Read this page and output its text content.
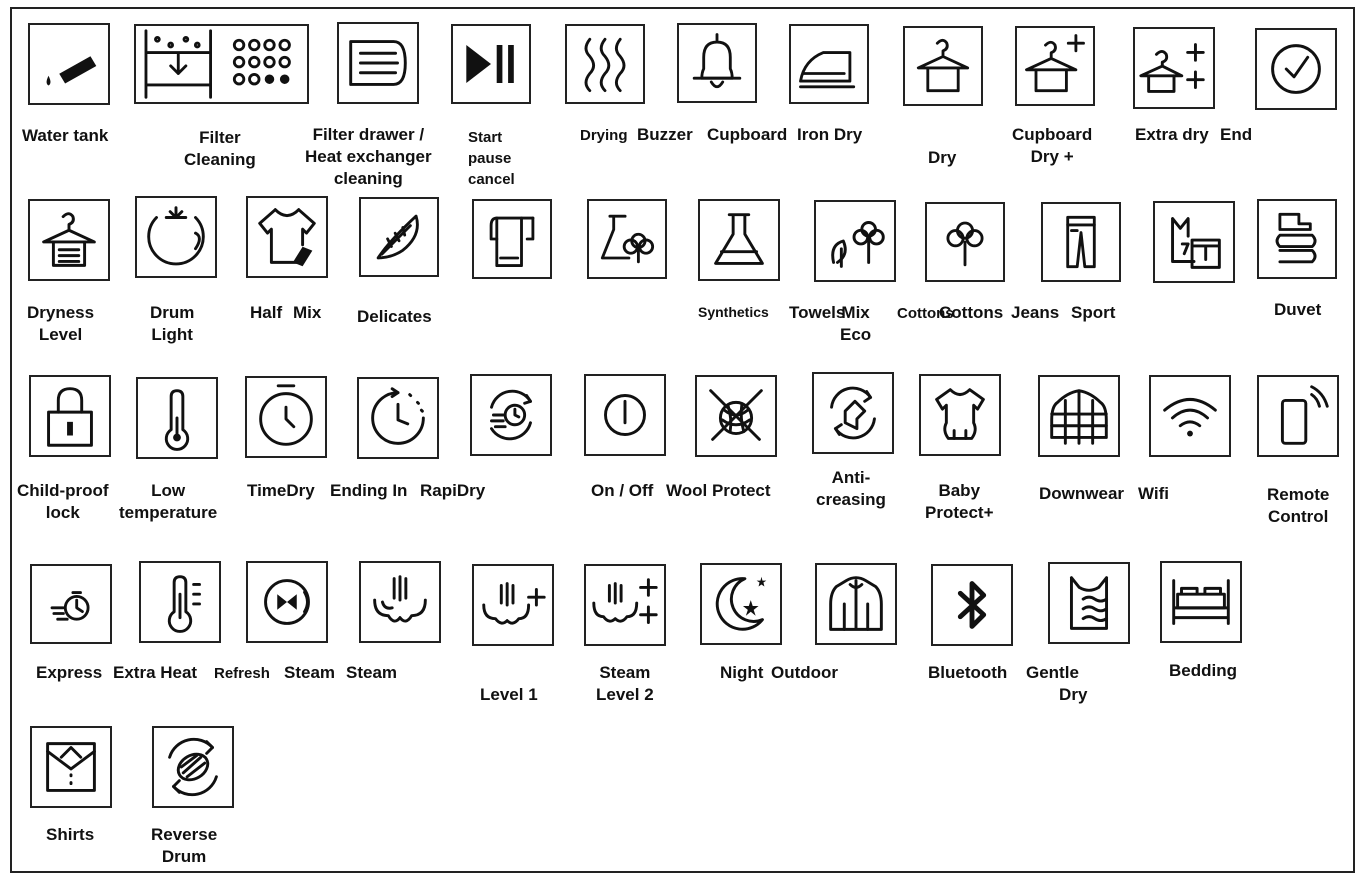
Water tank	Filter
Cleaning
Filter drawer /
Heat exchanger
cleaning
Start
pause
cancel
Drying Buzzer Cupboard Iron Dry
Dry
Cupboard
Dry +
Extra dry End
Dryness
Level
Drum
Light
Half Mix Delicates	Synthetics Towels
Mix
Eco
Cottons
Cottons Jeans Sport	Duvet
Child-proof
lock
Low
temperature
TimeDry Ending In RapiDry	On / Off Wool Protect
Anti-
creasing	Baby
Protect+
Downwear Wifi	Remote
Control
Express Extra Heat Refresh Steam Steam
Level 1
Steam
Level 2
Night Outdoor	Bluetooth Gentle
Dry
Bedding
Shirts	Reverse
Drum
